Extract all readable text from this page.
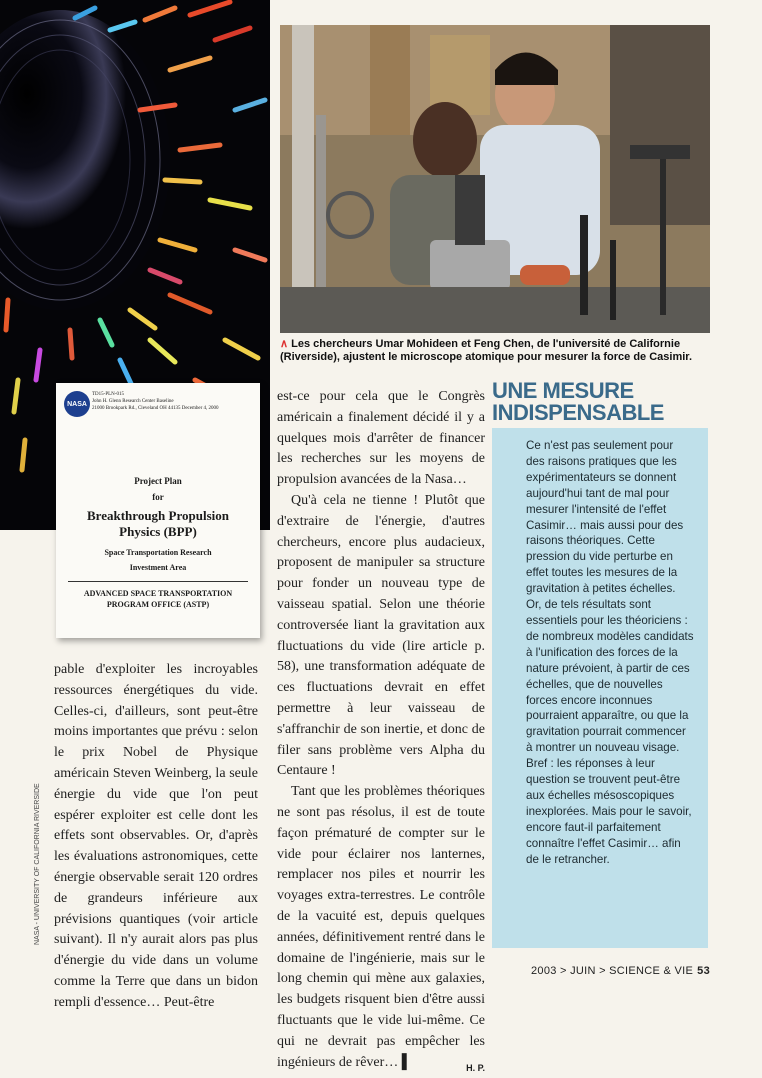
NASA
TD15-PLN-015
John H. Glenn Research Center Baseline
21000 Brookpark Rd., Cleveland OH 44135 December 4, 2000
Project Plan
for
Breakthrough Propulsion
Physics (BPP)
Space Transportation Research
Investment Area
ADVANCED SPACE TRANSPORTATION
PROGRAM OFFICE (ASTP)
∧ Les chercheurs Umar Mohideen et Feng Chen, de l'université de Californie (Riverside), ajustent le microscope atomique pour mesurer la force de Casimir.

pable d'exploiter les incroyables ressources énergétiques du vide. Celles-ci, d'ailleurs, sont peut-être moins importantes que prévu : selon le prix Nobel de Physique américain Steven Weinberg, la seule énergie du vide que l'on peut espérer exploiter est celle dont les effets sont observables. Or, d'après les évaluations astronomiques, cette énergie observable serait 120 ordres de grandeurs inférieure aux prévisions quantiques (voir article suivant). Il n'y aurait alors pas plus d'énergie du vide dans un volume comme la Terre que dans un bidon rempli d'essence… Peut-être

NASA - UNIVERSITY OF CALIFORNIA RIVERSIDE

est-ce pour cela que le Congrès américain a finalement décidé il y a quelques mois d'arrêter de financer les recherches sur les moyens de propulsion avancées de la Nasa…

Qu'à cela ne tienne ! Plutôt que d'extraire de l'énergie, d'autres chercheurs, encore plus audacieux, proposent de manipuler sa structure pour fonder un nouveau type de vaisseau spatial. Selon une théorie controversée liant la gravitation aux fluctuations du vide (lire article p. 58), une transformation adéquate de ces fluctuations devrait en effet permettre à leur vaisseau de s'affranchir de son inertie, et donc de filer sans problème vers Alpha du Centaure !

Tant que les problèmes théoriques ne sont pas résolus, il est de toute façon prématuré de compter sur le vide pour éclairer nos lanternes, remplacer nos piles et nourrir les voyages extra-terrestres. Le contrôle de la vacuité est, depuis quelques années, définitivement rentré dans le domaine de l'ingénierie, mais sur le long chemin qui mène aux galaxies, les budgets risquent bien d'être aussi fluctuants que le vide lui-même. Ce qui ne devrait pas empêcher les ingénieurs de rêver… ▌	H. P.

UNE MESURE
INDISPENSABLE

Ce n'est pas seulement pour des raisons pratiques que les expérimentateurs se donnent aujourd'hui tant de mal pour mesurer l'intensité de l'effet Casimir… mais aussi pour des raisons théoriques. Cette pression du vide perturbe en effet toutes les mesures de la gravitation à petites échelles. Or, de tels résultats sont essentiels pour les théoriciens : de nombreux modèles candidats à l'unification des forces de la nature prévoient, à partir de ces échelles, que de nouvelles forces encore inconnues pourraient apparaître, ou que la gravitation pourrait commencer à montrer un nouveau visage. Bref : les réponses à leur question se trouvent peut-être aux échelles mésoscopiques inexplorées. Mais pour le savoir, encore faut-il parfaitement connaître l'effet Casimir… afin de le retrancher.

2003 > JUIN > SCIENCE & VIE 53
